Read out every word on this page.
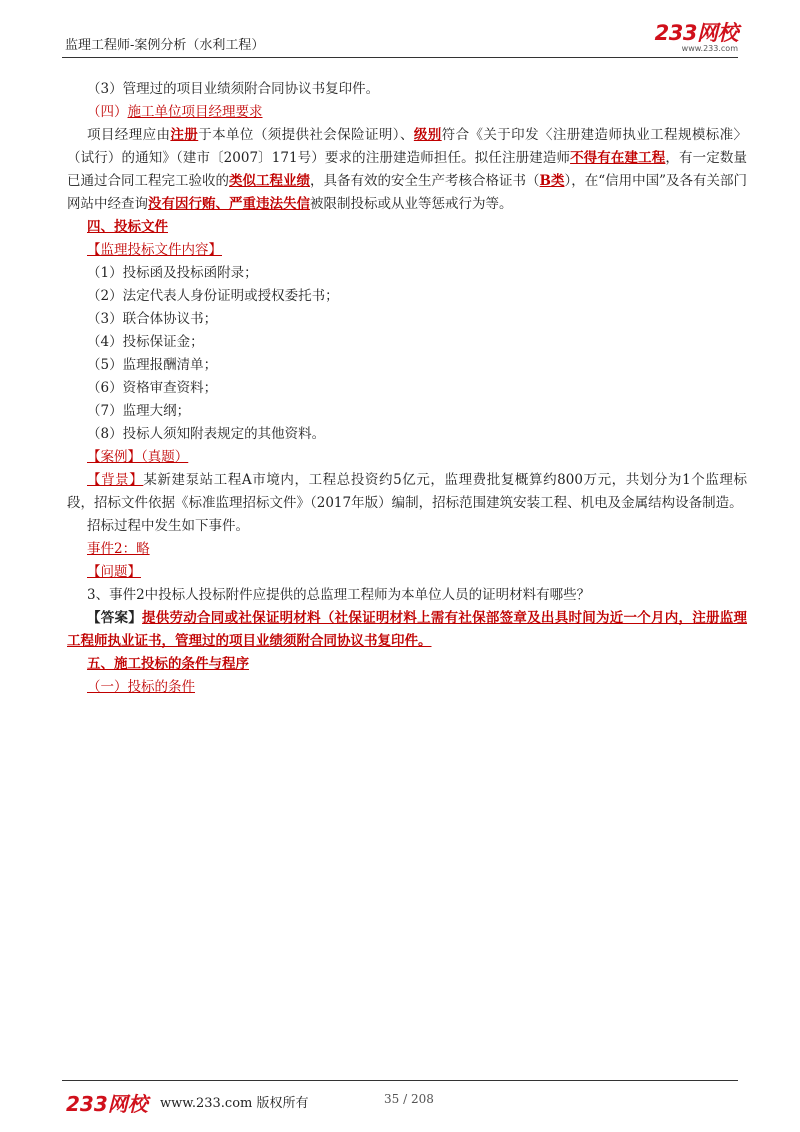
监理工程师-案例分析（水利工程）
233网校
www.233.com

（3）管理过的项目业绩须附合同协议书复印件。

（四）施工单位项目经理要求

项目经理应由注册于本单位（须提供社会保险证明）、级别符合《关于印发〈注册建造师执业工程规模标准〉（试行）的通知》（建市〔2007〕171号）要求的注册建造师担任。拟任注册建造师不得有在建工程，有一定数量已通过合同工程完工验收的类似工程业绩，具备有效的安全生产考核合格证书（B类），在“信用中国”及各有关部门网站中经查询没有因行贿、严重违法失信被限制投标或从业等惩戒行为等。

四、投标文件

【监理投标文件内容】

（1）投标函及投标函附录；

（2）法定代表人身份证明或授权委托书；

（3）联合体协议书；

（4）投标保证金；

（5）监理报酬清单；

（6）资格审查资料；

（7）监理大纲；

（8）投标人须知附表规定的其他资料。

【案例】（真题）

【背景】某新建泵站工程A市境内，工程总投资约5亿元，监理费批复概算约800万元，共划分为1个监理标段，招标文件依据《标准监理招标文件》（2017年版）编制，招标范围建筑安装工程、机电及金属结构设备制造。

招标过程中发生如下事件。

事件2：略

【问题】

3、事件2中投标人投标附件应提供的总监理工程师为本单位人员的证明材料有哪些？

【答案】提供劳动合同或社保证明材料（社保证明材料上需有社保部签章及出具时间为近一个月内，注册监理工程师执业证书，管理过的项目业绩须附合同协议书复印件。

五、施工投标的条件与程序

（一）投标的条件

233网校 www.233.com 版权所有	35 / 208
